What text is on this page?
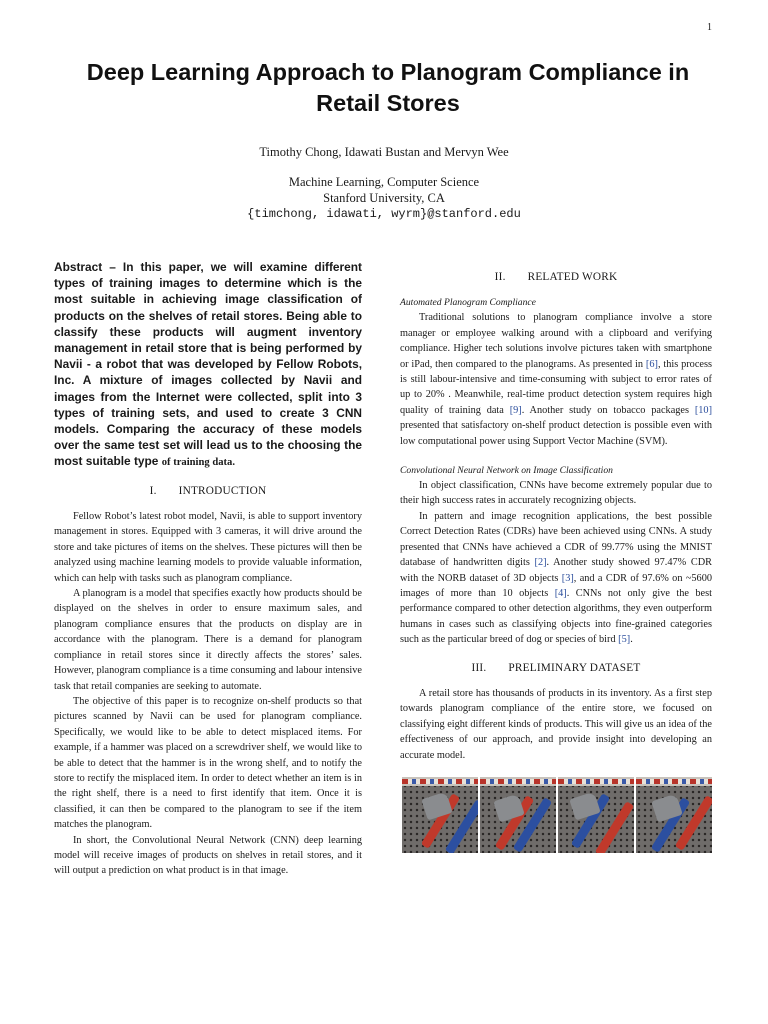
1
Deep Learning Approach to Planogram Compliance in Retail Stores
Timothy Chong, Idawati Bustan and Mervyn Wee
Machine Learning, Computer Science
Stanford University, CA
{timchong, idawati, wyrm}@stanford.edu

Abstract – In this paper, we will examine different types of training images to determine which is the most suitable in achieving image classification of products on the shelves of retail stores. Being able to classify these products will augment inventory management in retail store that is being performed by Navii - a robot that was developed by Fellow Robots, Inc. A mixture of images collected by Navii and images from the Internet were collected, split into 3 types of training sets, and used to create 3 CNN models. Comparing the accuracy of these models over the same test set will lead us to the choosing the most suitable type of training data.

I. INTRODUCTION

Fellow Robot’s latest robot model, Navii, is able to support inventory management in stores. Equipped with 3 cameras, it will drive around the store and take pictures of items on the shelves. These pictures will then be analyzed using machine learning models to provide valuable information, which can help with tasks such as planogram compliance.

A planogram is a model that specifies exactly how products should be displayed on the shelves in order to ensure maximum sales, and planogram compliance ensures that the products on display are in accordance with the planogram. There is a demand for planogram compliance in retail stores since it directly affects the stores’ sales. However, planogram compliance is a time consuming and labour intensive task that retail companies are seeking to automate.

The objective of this paper is to recognize on-shelf products so that pictures scanned by Navii can be used for planogram compliance. Specifically, we would like to be able to detect misplaced items. For example, if a hammer was placed on a screwdriver shelf, we would like to be able to detect that the hammer is in the wrong shelf, and to notify the store to rectify the misplaced item. In order to detect whether an item is in the right shelf, there is a need to first identify that item. Once it is classified, it can then be compared to the planogram to see if the item matches the planogram.

In short, the Convolutional Neural Network (CNN) deep learning model will receive images of products on shelves in retail stores, and it will output a prediction on what product is in that image.

II. RELATED WORK

Automated Planogram Compliance

Traditional solutions to planogram compliance involve a store manager or employee walking around with a clipboard and verifying compliance. Higher tech solutions involve pictures taken with smartphone or iPad, then compared to the planograms. As presented in [6], this process is still labour-intensive and time-consuming with subject to error rates of up to 20% . Meanwhile, real-time product detection system requires high quality of training data [9]. Another study on tobacco packages [10] presented that satisfactory on-shelf product detection is possible even with low computational power using Support Vector Machine (SVM).

Convolutional Neural Network on Image Classification

In object classification, CNNs have become extremely popular due to their high success rates in accurately recognizing objects.

In pattern and image recognition applications, the best possible Correct Detection Rates (CDRs) have been achieved using CNNs. A study presented that CNNs have achieved a CDR of 99.77% using the MNIST database of handwritten digits [2]. Another study showed 97.47% CDR with the NORB dataset of 3D objects [3], and a CDR of 97.6% on ~5600 images of more than 10 objects [4]. CNNs not only give the best performance compared to other detection algorithms, they even outperform humans in cases such as classifying objects into fine-grained categories such as the particular breed of dog or species of bird [5].

III. PRELIMINARY DATASET

A retail store has thousands of products in its inventory. As a first step towards planogram compliance of the entire store, we focused on classifying eight different kinds of products. This will give us an idea of the effectiveness of our approach, and provide insight into developing an accurate model.
